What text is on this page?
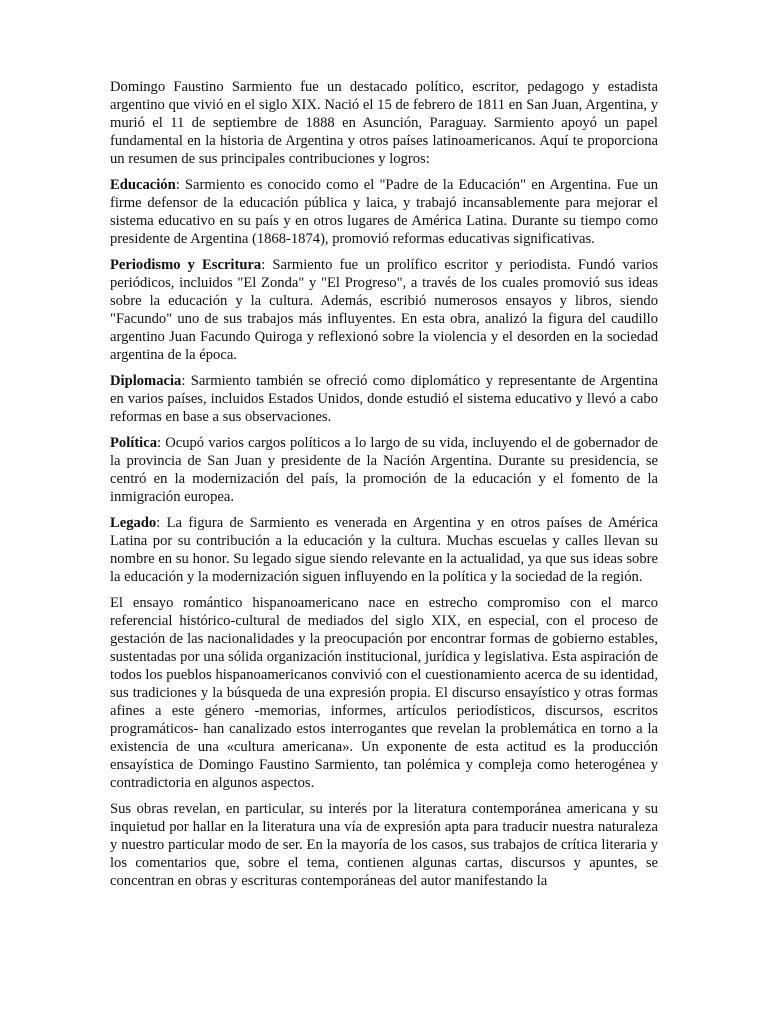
Domingo Faustino Sarmiento fue un destacado político, escritor, pedagogo y estadista argentino que vivió en el siglo XIX. Nació el 15 de febrero de 1811 en San Juan, Argentina, y murió el 11 de septiembre de 1888 en Asunción, Paraguay. Sarmiento apoyó un papel fundamental en la historia de Argentina y otros países latinoamericanos. Aquí te proporciona un resumen de sus principales contribuciones y logros:

Educación: Sarmiento es conocido como el "Padre de la Educación" en Argentina. Fue un firme defensor de la educación pública y laica, y trabajó incansablemente para mejorar el sistema educativo en su país y en otros lugares de América Latina. Durante su tiempo como presidente de Argentina (1868-1874), promovió reformas educativas significativas.

Periodismo y Escritura: Sarmiento fue un prolífico escritor y periodista. Fundó varios periódicos, incluidos "El Zonda" y "El Progreso", a través de los cuales promovió sus ideas sobre la educación y la cultura. Además, escribió numerosos ensayos y libros, siendo "Facundo" uno de sus trabajos más influyentes. En esta obra, analizó la figura del caudillo argentino Juan Facundo Quiroga y reflexionó sobre la violencia y el desorden en la sociedad argentina de la época.

Diplomacia: Sarmiento también se ofreció como diplomático y representante de Argentina en varios países, incluidos Estados Unidos, donde estudió el sistema educativo y llevó a cabo reformas en base a sus observaciones.

Política: Ocupó varios cargos políticos a lo largo de su vida, incluyendo el de gobernador de la provincia de San Juan y presidente de la Nación Argentina. Durante su presidencia, se centró en la modernización del país, la promoción de la educación y el fomento de la inmigración europea.

Legado: La figura de Sarmiento es venerada en Argentina y en otros países de América Latina por su contribución a la educación y la cultura. Muchas escuelas y calles llevan su nombre en su honor. Su legado sigue siendo relevante en la actualidad, ya que sus ideas sobre la educación y la modernización siguen influyendo en la política y la sociedad de la región.

El ensayo romántico hispanoamericano nace en estrecho compromiso con el marco referencial histórico-cultural de mediados del siglo XIX, en especial, con el proceso de gestación de las nacionalidades y la preocupación por encontrar formas de gobierno estables, sustentadas por una sólida organización institucional, jurídica y legislativa. Esta aspiración de todos los pueblos hispanoamericanos convivió con el cuestionamiento acerca de su identidad, sus tradiciones y la búsqueda de una expresión propia. El discurso ensayístico y otras formas afines a este género -memorias, informes, artículos periodísticos, discursos, escritos programáticos- han canalizado estos interrogantes que revelan la problemática en torno a la existencia de una «cultura americana». Un exponente de esta actitud es la producción ensayística de Domingo Faustino Sarmiento, tan polémica y compleja como heterogénea y contradictoria en algunos aspectos.

Sus obras revelan, en particular, su interés por la literatura contemporánea americana y su inquietud por hallar en la literatura una vía de expresión apta para traducir nuestra naturaleza y nuestro particular modo de ser. En la mayoría de los casos, sus trabajos de crítica literaria y los comentarios que, sobre el tema, contienen algunas cartas, discursos y apuntes, se concentran en obras y escrituras contemporáneas del autor manifestando la
